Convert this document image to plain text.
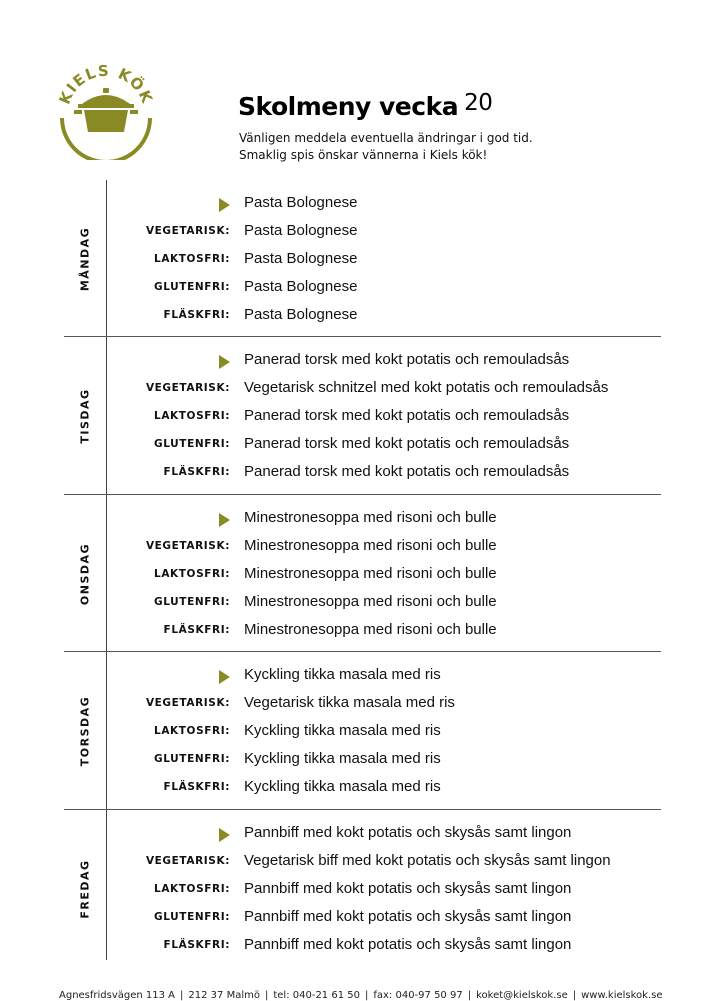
KIELS KÖK	Skolmeny vecka 20
Vänligen meddela eventuella ändringar i god tid.
Smaklig spis önskar vännerna i Kiels kök!
MÅNDAG
Pasta Bolognese
VEGETARISK: Pasta Bolognese
LAKTOSFRI: Pasta Bolognese
GLUTENFRI: Pasta Bolognese
FLÄSKFRI: Pasta Bolognese
TISDAG
Panerad torsk med kokt potatis och remouladsås
VEGETARISK: Vegetarisk schnitzel med kokt potatis och remouladsås
LAKTOSFRI: Panerad torsk med kokt potatis och remouladsås
GLUTENFRI: Panerad torsk med kokt potatis och remouladsås
FLÄSKFRI: Panerad torsk med kokt potatis och remouladsås
ONSDAG
Minestronesoppa med risoni och bulle
VEGETARISK: Minestronesoppa med risoni och bulle
LAKTOSFRI: Minestronesoppa med risoni och bulle
GLUTENFRI: Minestronesoppa med risoni och bulle
FLÄSKFRI: Minestronesoppa med risoni och bulle
TORSDAG
Kyckling tikka masala med ris
VEGETARISK: Vegetarisk tikka masala med ris
LAKTOSFRI: Kyckling tikka masala med ris
GLUTENFRI: Kyckling tikka masala med ris
FLÄSKFRI: Kyckling tikka masala med ris
FREDAG
Pannbiff med kokt potatis och skysås samt lingon
VEGETARISK: Vegetarisk biff med kokt potatis och skysås samt lingon
LAKTOSFRI: Pannbiff med kokt potatis och skysås samt lingon
GLUTENFRI: Pannbiff med kokt potatis och skysås samt lingon
FLÄSKFRI: Pannbiff med kokt potatis och skysås samt lingon
Agnesfridsvägen 113 A | 212 37 Malmö | tel: 040-21 61 50 | fax: 040-97 50 97 | koket@kielskok.se | www.kielskok.se
